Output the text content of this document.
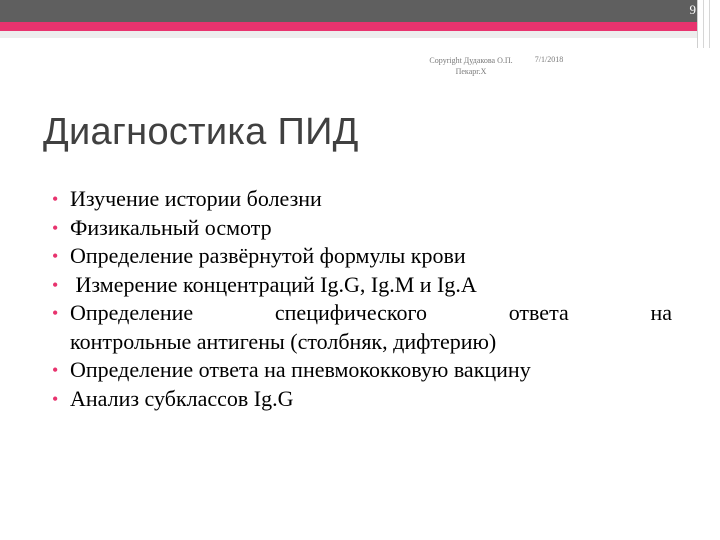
9
Copyright Дудакова О.П. Пекарг.Х
7/1/2018
Диагностика ПИД
• Изучение истории болезни
• Физикальный осмотр
• Определение развёрнутой формулы крови
• Измерение концентраций Ig.G, Ig.M и Ig.A
• Определение специфического ответа на
контрольные антигены (столбняк, дифтерию)
• Определение ответа на пневмококковую вакцину
• Анализ субклассов Ig.G
